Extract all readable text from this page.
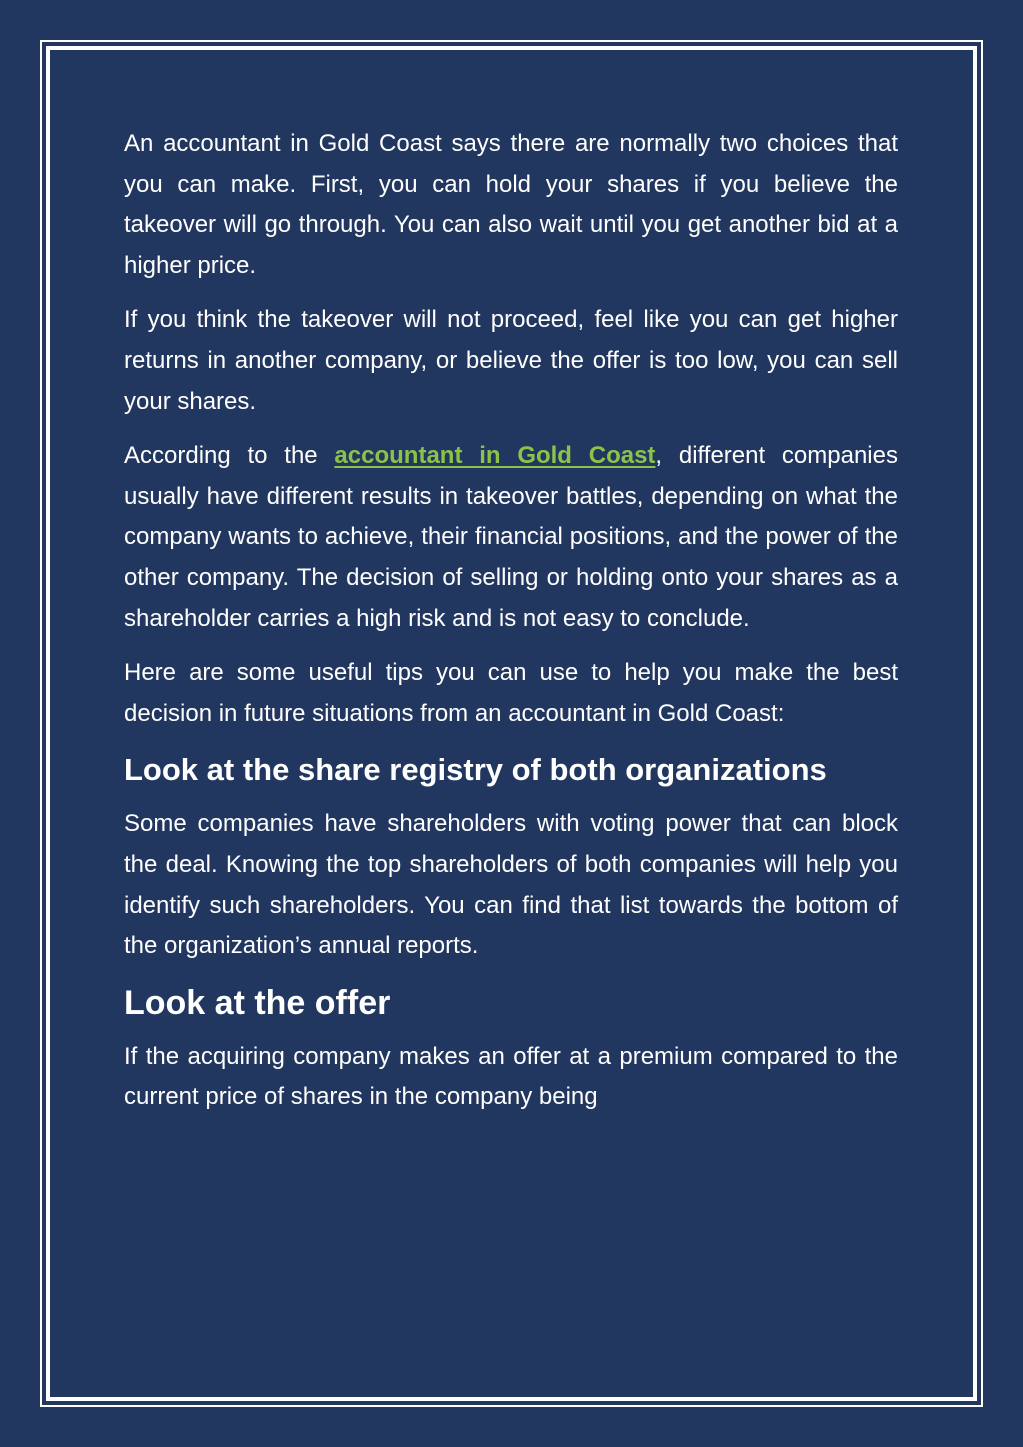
An accountant in Gold Coast says there are normally two choices that you can make. First, you can hold your shares if you believe the takeover will go through. You can also wait until you get another bid at a higher price.

If you think the takeover will not proceed, feel like you can get higher returns in another company, or believe the offer is too low, you can sell your shares.

According to the accountant in Gold Coast, different companies usually have different results in takeover battles, depending on what the company wants to achieve, their financial positions, and the power of the other company. The decision of selling or holding onto your shares as a shareholder carries a high risk and is not easy to conclude.

Here are some useful tips you can use to help you make the best decision in future situations from an accountant in Gold Coast:

Look at the share registry of both organizations

Some companies have shareholders with voting power that can block the deal. Knowing the top shareholders of both companies will help you identify such shareholders. You can find that list towards the bottom of the organization’s annual reports.

Look at the offer

If the acquiring company makes an offer at a premium compared to the current price of shares in the company being
